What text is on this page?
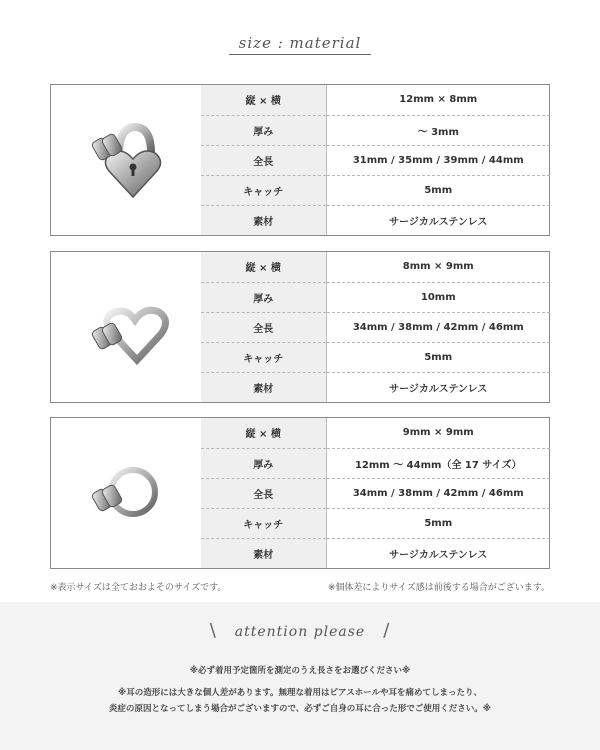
size : material
縦 × 横	12mm × 8mm
厚み	〜 3mm
全長	31mm / 35mm / 39mm / 44mm
キャッチ	5mm
素材	サージカルステンレス
縦 × 横	8mm × 9mm
厚み	10mm
全長	34mm / 38mm / 42mm / 46mm
キャッチ	5mm
素材	サージカルステンレス
縦 × 横	9mm × 9mm
厚み	12mm 〜 44mm（全 17 サイズ）
全長	34mm / 38mm / 42mm / 46mm
キャッチ	5mm
素材	サージカルステンレス
※表示サイズは全ておおよそのサイズです。	※個体差によりサイズ感は前後する場合がございます。
\ attention please /
※必ず着用予定箇所を測定のうえ長さをお選びください※
※耳の造形には大きな個人差があります。無理な着用はピアスホールや耳を痛めてしまったり、
炎症の原因となってしまう場合がございますので、必ずご自身の耳に合った形でご使用ください。※
